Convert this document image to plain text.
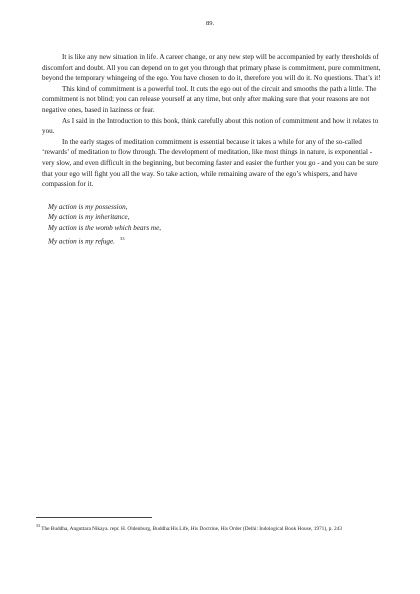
89.

It is like any new situation in life. A career change, or any new step will be accompanied by early thresholds of discomfort and doubt. All you can depend on to get you through that primary phase is commitment, pure commitment, beyond the temporary whingeing of the ego. You have chosen to do it, therefore you will do it. No questions. That’s it!

This kind of commitment is a powerful tool. It cuts the ego out of the circuit and smooths the path a little. The commitment is not blind; you can release yourself at any time, but only after making sure that your reasons are not negative ones, based in laziness or fear.

As I said in the Introduction to this book, think carefully about this notion of commitment and how it relates to you.

In the early stages of meditation commitment is essential because it takes a while for any of the so-called ‘rewards’ of meditation to flow through. The development of meditation, like most things in nature, is exponential - very slow, and even difficult in the beginning, but becoming faster and easier the further you go - and you can be sure that your ego will fight you all the way. So take action, while remaining aware of the ego’s whispers, and have compassion for it.

My action is my possession,
My action is my inheritance,
My action is the womb which bears me,
My action is my refuge. $^{33}$
$^{33}$ The Buddha, Anguttara Nikaya. repr. H. Oldenburg, Buddha:His Life, His Doctrine, His Order (Delhi: Indological Book House, 1971), p. 243
